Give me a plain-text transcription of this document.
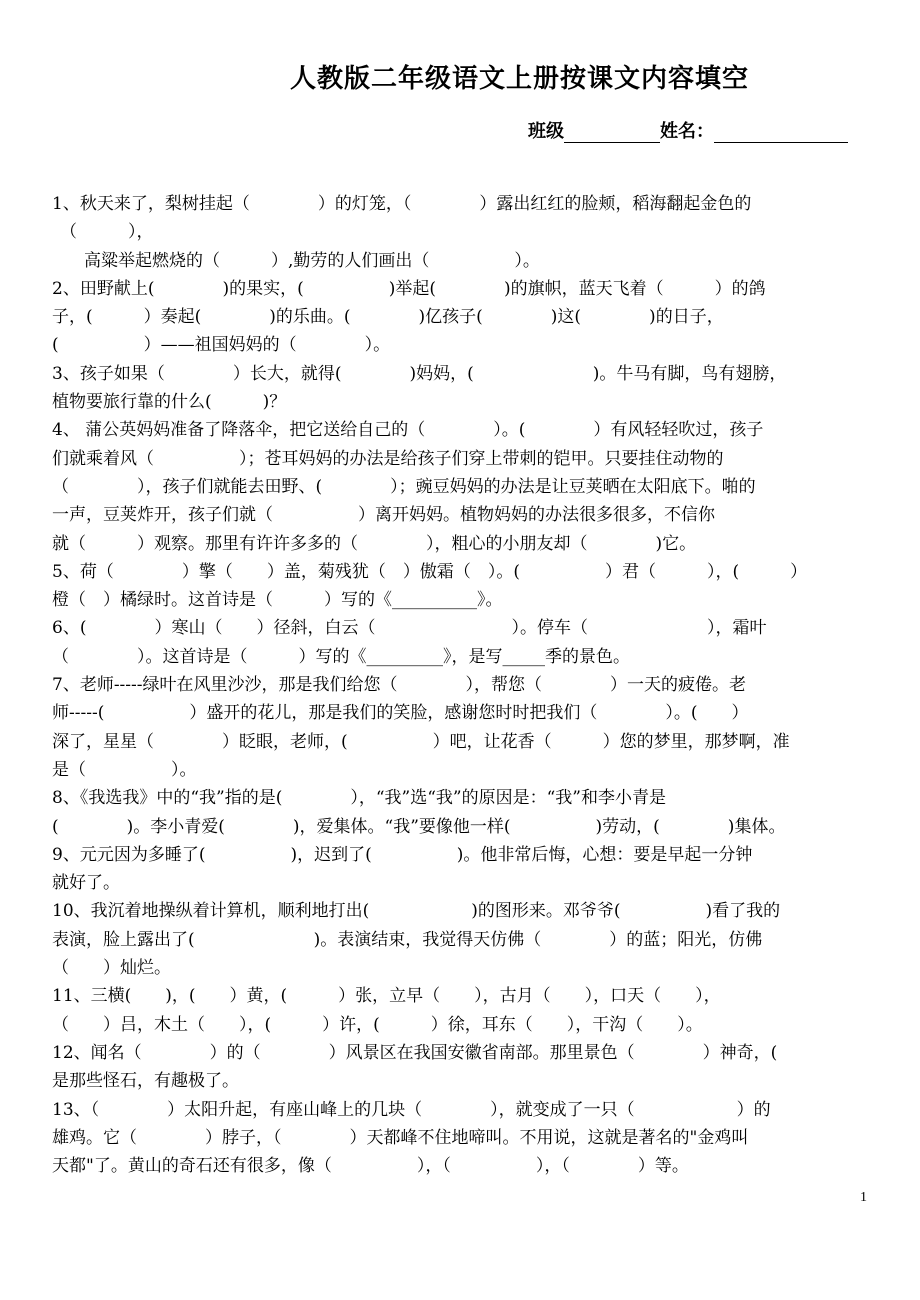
人教版二年级语文上册按课文内容填空
班级	姓名：
1、秋天来了，梨树挂起（　　　　）的灯笼，（　　　　）露出红红的脸颊，稻海翻起金色的
（　　　），
高粱举起燃烧的（　　　）,勤劳的人们画出（　　　　　）。
2、田野献上(　　　　)的果实，(　　　　　)举起(　　　　)的旗帜，蓝天飞着（　　　）的鸽
子，(　　　）奏起(　　　　)的乐曲。(　　　　)亿孩子(　　　　)这(　　　　)的日子，
(　　　　　）——祖国妈妈的（　　　　）。
3、孩子如果（　　　　）长大，就得(　　　　)妈妈，(　　　　　　　)。牛马有脚，鸟有翅膀，
植物要旅行靠的什么(　　　)？
4、 蒲公英妈妈准备了降落伞，把它送给自己的（　　　　）。(　　　　）有风轻轻吹过，孩子
们就乘着风（　　　　　）；苍耳妈妈的办法是给孩子们穿上带刺的铠甲。只要挂住动物的
（　　　　），孩子们就能去田野、(　　　　）；豌豆妈妈的办法是让豆荚晒在太阳底下。啪的
一声，豆荚炸开，孩子们就（　　　　　）离开妈妈。植物妈妈的办法很多很多，不信你
就（　　　）观察。那里有许许多多的（　　　　），粗心的小朋友却（　　　　)它。
5、荷（　　　　）擎（　　）盖，菊残犹（　）傲霜（　）。(　　　　　）君（　　　），(　　　）
橙（　）橘绿时。这首诗是（　　　）写的《__________》。
6、(　　　　）寒山（　　）径斜，白云（　　　　　　　　）。停车（　　　　　　　），霜叶
（　　　　）。这首诗是（　　　）写的《_________》，是写_____季的景色。
7、老师-----绿叶在风里沙沙，那是我们给您（　　　　），帮您（　　　　）一天的疲倦。老
师-----(　　　　　）盛开的花儿，那是我们的笑脸，感谢您时时把我们（　　　　）。(　　）
深了，星星（　　　　）眨眼，老师，(　　　　　）吧，让花香（　　　）您的梦里，那梦啊，准
是（　　　　　）。
8、《我选我》中的“我”指的是(　　　　），“我”选“我”的原因是：“我”和李小青是
(　　　　)。李小青爱(　　　　)，爱集体。“我”要像他一样(　　　　　)劳动，(　　　　)集体。
9、元元因为多睡了(　　　　　)，迟到了(　　　　　)。他非常后悔，心想：要是早起一分钟
就好了。
10、我沉着地操纵着计算机，顺利地打出(　　　　　　)的图形来。邓爷爷(　　　　　)看了我的
表演，脸上露出了(　　　　　　　)。表演结束，我觉得天仿佛（　　　　）的蓝；阳光，仿佛
（　　）灿烂。
11、三横(　　)，(　　）黄，(　　　）张，立早（　　），古月（　　），口天（　　），
（　　）吕，木土（　　），(　　　）许，(　　　）徐，耳东（　　），干沟（　　）。
12、闻名（　　　　）的（　　　　）风景区在我国安徽省南部。那里景色（　　　　）神奇，(
是那些怪石，有趣极了。
13、（　　　　）太阳升起，有座山峰上的几块（　　　　），就变成了一只（　　　　　　）的
雄鸡。它（　　　　）脖子，（　　　　）天都峰不住地啼叫。不用说，这就是著名的"金鸡叫
天都"了。黄山的奇石还有很多，像（　　　　　），（　　　　　），（　　　　）等。
1
